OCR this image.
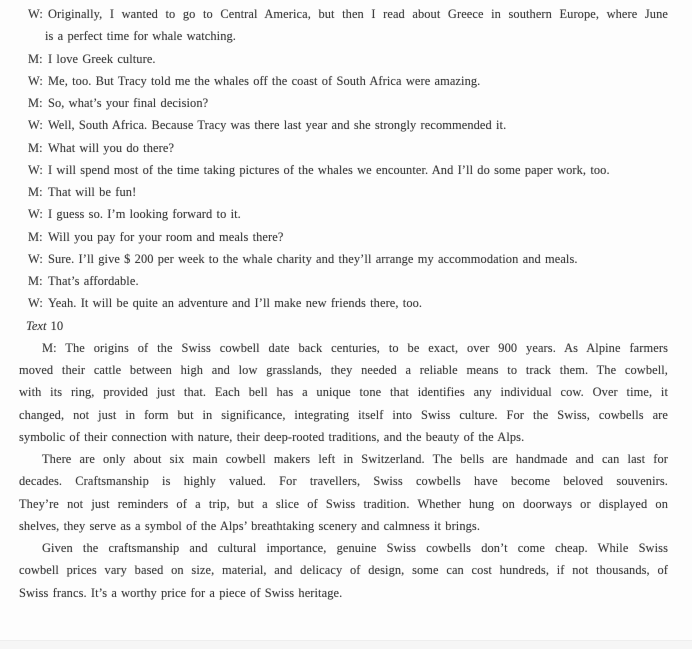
W: Originally, I wanted to go to Central America, but then I read about Greece in southern Europe, where June
is a perfect time for whale watching.
M: I love Greek culture.
W: Me, too. But Tracy told me the whales off the coast of South Africa were amazing.
M: So, what’s your final decision?
W: Well, South Africa. Because Tracy was there last year and she strongly recommended it.
M: What will you do there?
W: I will spend most of the time taking pictures of the whales we encounter. And I’ll do some paper work, too.
M: That will be fun!
W: I guess so. I’m looking forward to it.
M: Will you pay for your room and meals there?
W: Sure. I’ll give $ 200 per week to the whale charity and they’ll arrange my accommodation and meals.
M: That’s affordable.
W: Yeah. It will be quite an adventure and I’ll make new friends there, too.
Text 10
M: The origins of the Swiss cowbell date back centuries, to be exact, over 900 years. As Alpine farmers
moved their cattle between high and low grasslands, they needed a reliable means to track them. The cowbell,
with its ring, provided just that. Each bell has a unique tone that identifies any individual cow. Over time, it
changed, not just in form but in significance, integrating itself into Swiss culture. For the Swiss, cowbells are
symbolic of their connection with nature, their deep-rooted traditions, and the beauty of the Alps.
There are only about six main cowbell makers left in Switzerland. The bells are handmade and can last for
decades. Craftsmanship is highly valued. For travellers, Swiss cowbells have become beloved souvenirs.
They’re not just reminders of a trip, but a slice of Swiss tradition. Whether hung on doorways or displayed on
shelves, they serve as a symbol of the Alps’ breathtaking scenery and calmness it brings.
Given the craftsmanship and cultural importance, genuine Swiss cowbells don’t come cheap. While Swiss
cowbell prices vary based on size, material, and delicacy of design, some can cost hundreds, if not thousands, of
Swiss francs. It’s a worthy price for a piece of Swiss heritage.
